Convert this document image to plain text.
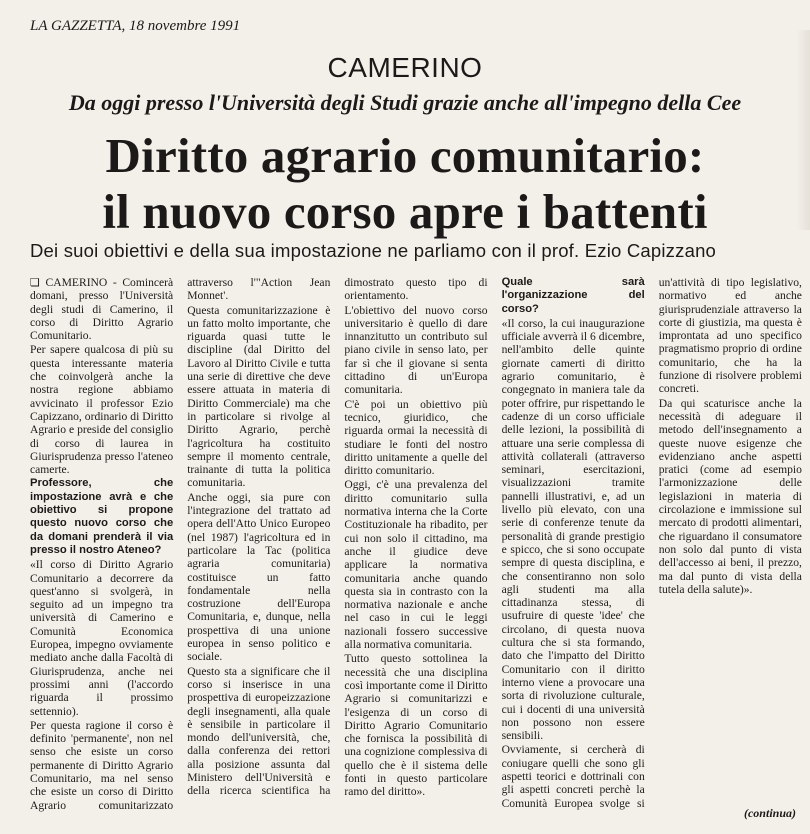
LA GAZZETTA, 18 novembre 1991
CAMERINO
Da oggi presso l'Università degli Studi grazie anche all'impegno della Cee
Diritto agrario comunitario:
il nuovo corso apre i battenti
Dei suoi obiettivi e della sua impostazione ne parliamo con il prof. Ezio Capizzano

❏ CAMERINO - Comincerà domani, presso l'Università degli studi di Camerino, il corso di Diritto Agrario Comunitario.

Per sapere qualcosa di più su questa interessante materia che coinvolgerà anche la nostra regione abbiamo avvicinato il professor Ezio Capizzano, ordinario di Diritto Agrario e preside del consiglio di corso di laurea in Giurisprudenza presso l'ateneo camerte.

Professore, che impostazione avrà e che obiettivo si propone questo nuovo corso che da domani prenderà il via presso il nostro Ateneo?

«Il corso di Diritto Agrario Comunitario a decorrere da quest'anno si svolgerà, in seguito ad un impegno tra università di Camerino e Comunità Economica Europea, impegno ovviamente mediato anche dalla Facoltà di Giurisprudenza, anche nei prossimi anni (l'accordo riguarda il prossimo settennio).

Per questa ragione il corso è definito 'permanente', non nel senso che esiste un corso permanente di Diritto Agrario Comunitario, ma nel senso che esiste un corso di Diritto Agrario comunitarizzato attraverso l'"Action Jean Monnet'.

Questa comunitarizzazione è un fatto molto importante, che riguarda quasi tutte le discipline (dal Diritto del Lavoro al Diritto Civile e tutta una serie di direttive che deve essere attuata in materia di Diritto Commerciale) ma che in particolare si rivolge al Diritto Agrario, perchè l'agricoltura ha costituito sempre il momento centrale, trainante di tutta la politica comunitaria.

Anche oggi, sia pure con l'integrazione del trattato ad opera dell'Atto Unico Europeo (nel 1987) l'agricoltura ed in particolare la Tac (politica agraria comunitaria) costituisce un fatto fondamentale nella costruzione dell'Europa Comunitaria, e, dunque, nella prospettiva di una unione europea in senso politico e sociale.

Questo sta a significare che il corso si inserisce in una prospettiva di europeizzazione degli insegnamenti, alla quale è sensibile in particolare il mondo dell'università, che, dalla conferenza dei rettori alla posizione assunta dal Ministero dell'Università e della ricerca scientifica ha dimostrato questo tipo di orientamento.

L'obiettivo del nuovo corso universitario è quello di dare innanzitutto un contributo sul piano civile in senso lato, per far sì che il giovane si senta cittadino di un'Europa comunitaria.

C'è poi un obiettivo più tecnico, giuridico, che riguarda ormai la necessità di studiare le fonti del nostro diritto unitamente a quelle del diritto comunitario.

Oggi, c'è una prevalenza del diritto comunitario sulla normativa interna che la Corte Costituzionale ha ribadito, per cui non solo il cittadino, ma anche il giudice deve applicare la normativa comunitaria anche quando questa sia in contrasto con la normativa nazionale e anche nel caso in cui le leggi nazionali fossero successive alla normativa comunitaria.

Tutto questo sottolinea la necessità che una disciplina così importante come il Diritto Agrario si comunitarizzi e l'esigenza di un corso di Diritto Agrario Comunitario che fornisca la possibilità di una cognizione complessiva di quello che è il sistema delle fonti in questo particolare ramo del diritto».

Quale sarà l'organizzazione del corso?

«Il corso, la cui inaugurazione ufficiale avverrà il 6 dicembre, nell'ambito delle quinte giornate camerti di diritto agrario comunitario, è congegnato in maniera tale da poter offrire, pur rispettando le cadenze di un corso ufficiale delle lezioni, la possibilità di attuare una serie complessa di attività collaterali (attraverso seminari, esercitazioni, visualizzazioni tramite pannelli illustrativi, e, ad un livello più elevato, con una serie di conferenze tenute da personalità di grande prestigio e spicco, che si sono occupate sempre di questa disciplina, e che consentiranno non solo agli studenti ma alla cittadinanza stessa, di usufruire di queste 'idee' che circolano, di questa nuova cultura che si sta formando, dato che l'impatto del Diritto Comunitario con il diritto interno viene a provocare una sorta di rivoluzione culturale, cui i docenti di una università non possono non essere sensibili.

Ovviamente, si cercherà di coniugare quelli che sono gli aspetti teorici e dottrinali con gli aspetti concreti perchè la Comunità Europea svolge si un'attività di tipo legislativo, normativo ed anche giurisprudenziale attraverso la corte di giustizia, ma questa è improntata ad uno specifico pragmatismo proprio di ordine comunitario, che ha la funzione di risolvere problemi concreti.

Da qui scaturisce anche la necessità di adeguare il metodo dell'insegnamento a queste nuove esigenze che evidenziano anche aspetti pratici (come ad esempio l'armonizzazione delle legislazioni in materia di circolazione e immissione sul mercato di prodotti alimentari, che riguardano il consumatore non solo dal punto di vista dell'accesso ai beni, il prezzo, ma dal punto di vista della tutela della salute)».

(continua)
